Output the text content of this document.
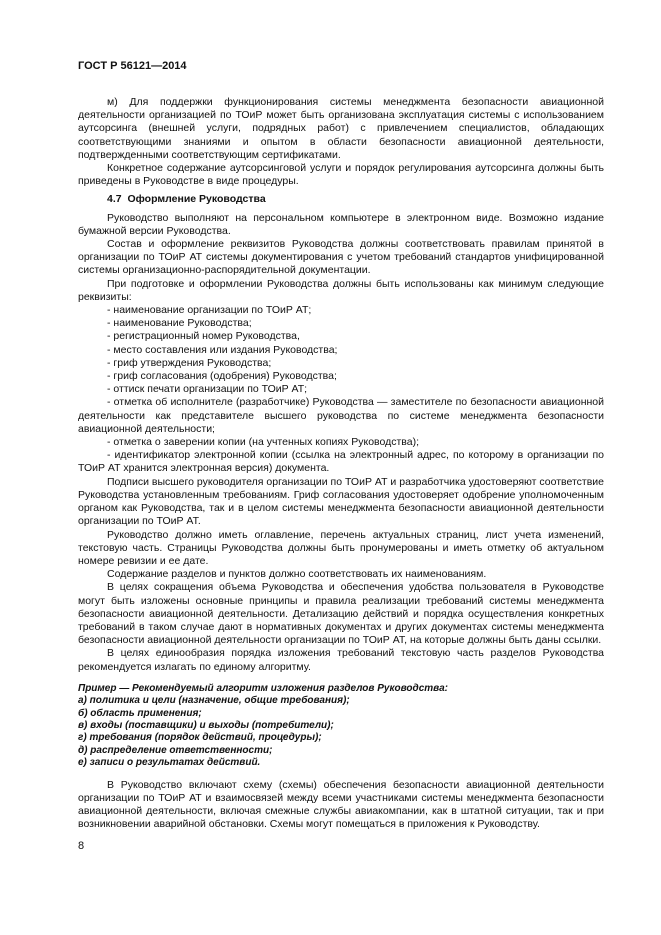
ГОСТ Р 56121—2014

м) Для поддержки функционирования системы менеджмента безопасности авиационной деятельности организацией по ТОиР может быть организована эксплуатация системы с использованием аутсорсинга (внешней услуги, подрядных работ) с привлечением специалистов, обладающих соответствующими знаниями и опытом в области безопасности авиационной деятельности, подтвержденными соответствующим сертификатами.

Конкретное содержание аутсорсинговой услуги и порядок регулирования аутсорсинга должны быть приведены в Руководстве в виде процедуры.

4.7 Оформление Руководства

Руководство выполняют на персональном компьютере в электронном виде. Возможно издание бумажной версии Руководства.

Состав и оформление реквизитов Руководства должны соответствовать правилам принятой в организации по ТОиР АТ системы документирования с учетом требований стандартов унифицированной системы организационно-распорядительной документации.

При подготовке и оформлении Руководства должны быть использованы как минимум следующие реквизиты:

- наименование организации по ТОиР АТ;
- наименование Руководства;
- регистрационный номер Руководства,
- место составления или издания Руководства;
- гриф утверждения Руководства;
- гриф согласования (одобрения) Руководства;
- оттиск печати организации по ТОиР АТ;
- отметка об исполнителе (разработчике) Руководства — заместителе по безопасности авиационной деятельности как представителе высшего руководства по системе менеджмента безопасности авиационной деятельности;
- отметка о заверении копии (на учтенных копиях Руководства);
- идентификатор электронной копии (ссылка на электронный адрес, по которому в организации по ТОиР АТ хранится электронная версия) документа.

Подписи высшего руководителя организации по ТОиР АТ и разработчика удостоверяют соответствие Руководства установленным требованиям. Гриф согласования удостоверяет одобрение уполномоченным органом как Руководства, так и в целом системы менеджмента безопасности авиационной деятельности организации по ТОиР АТ.

Руководство должно иметь оглавление, перечень актуальных страниц, лист учета изменений, текстовую часть. Страницы Руководства должны быть пронумерованы и иметь отметку об актуальном номере ревизии и ее дате.

Содержание разделов и пунктов должно соответствовать их наименованиям.

В целях сокращения объема Руководства и обеспечения удобства пользователя в Руководстве могут быть изложены основные принципы и правила реализации требований системы менеджмента безопасности авиационной деятельности. Детализацию действий и порядка осуществления конкретных требований в таком случае дают в нормативных документах и других документах системы менеджмента безопасности авиационной деятельности организации по ТОиР АТ, на которые должны быть даны ссылки.

В целях единообразия порядка изложения требований текстовую часть разделов Руководства рекомендуется излагать по единому алгоритму.

Пример — Рекомендуемый алгоритм изложения разделов Руководства:
а) политика и цели (назначение, общие требования);
б) область применения;
в) входы (поставщики) и выходы (потребители);
г) требования (порядок действий, процедуры);
д) распределение ответственности;
е) записи о результатах действий.

В Руководство включают схему (схемы) обеспечения безопасности авиационной деятельности организации по ТОиР АТ и взаимосвязей между всеми участниками системы менеджмента безопасности авиационной деятельности, включая смежные службы авиакомпании, как в штатной ситуации, так и при возникновении аварийной обстановки. Схемы могут помещаться в приложения к Руководству.

8
